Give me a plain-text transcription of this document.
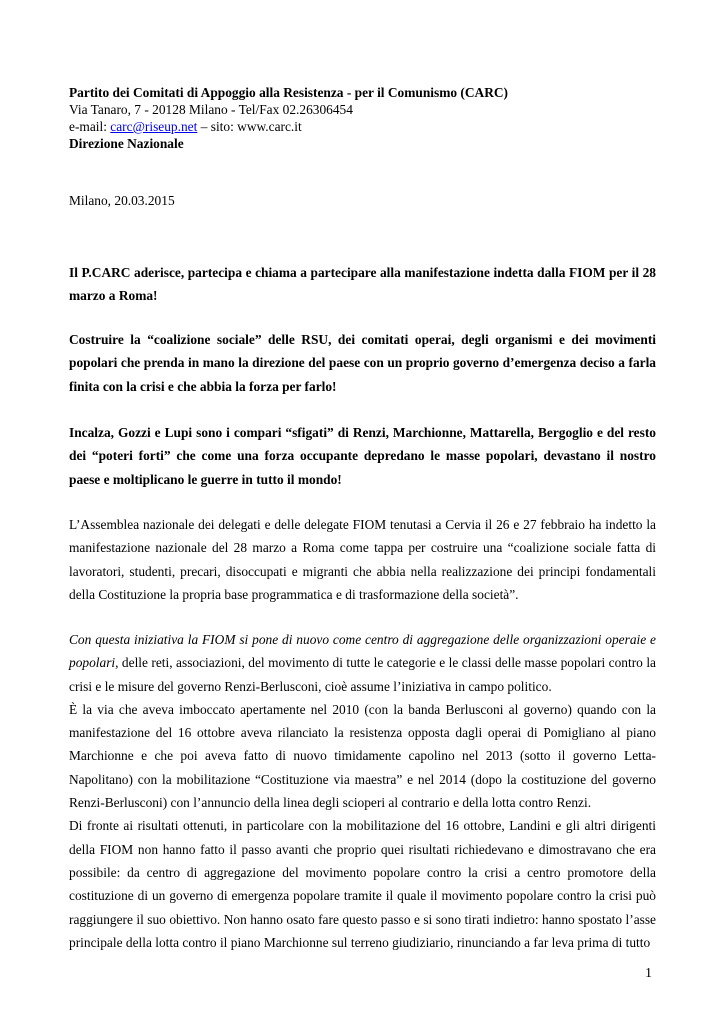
Partito dei Comitati di Appoggio alla Resistenza - per il Comunismo (CARC)
Via Tanaro, 7 - 20128 Milano - Tel/Fax 02.26306454
e-mail: carc@riseup.net – sito: www.carc.it
Direzione Nazionale
Milano, 20.03.2015

Il P.CARC aderisce, partecipa e chiama a partecipare alla manifestazione indetta dalla FIOM per il 28 marzo a Roma!

Costruire la “coalizione sociale” delle RSU, dei comitati operai, degli organismi e dei movimenti popolari che prenda in mano la direzione del paese con un proprio governo d’emergenza deciso a farla finita con la crisi e che abbia la forza per farlo!

Incalza, Gozzi e Lupi sono i compari “sfigati” di Renzi, Marchionne, Mattarella, Bergoglio e del resto dei “poteri forti” che come una forza occupante depredano le masse popolari, devastano il nostro paese e moltiplicano le guerre in tutto il mondo!

L’Assemblea nazionale dei delegati e delle delegate FIOM tenutasi a Cervia il 26 e 27 febbraio ha indetto la manifestazione nazionale del 28 marzo a Roma come tappa per costruire una “coalizione sociale fatta di lavoratori, studenti, precari, disoccupati e migranti che abbia nella realizzazione dei principi fondamentali della Costituzione la propria base programmatica e di trasformazione della società”.

Con questa iniziativa la FIOM si pone di nuovo come centro di aggregazione delle organizzazioni operaie e popolari, delle reti, associazioni, del movimento di tutte le categorie e le classi delle masse popolari contro la crisi e le misure del governo Renzi-Berlusconi, cioè assume l’iniziativa in campo politico.

È la via che aveva imboccato apertamente nel 2010 (con la banda Berlusconi al governo) quando con la manifestazione del 16 ottobre aveva rilanciato la resistenza opposta dagli operai di Pomigliano al piano Marchionne e che poi aveva fatto di nuovo timidamente capolino nel 2013 (sotto il governo Letta-Napolitano) con la mobilitazione “Costituzione via maestra” e nel 2014 (dopo la costituzione del governo Renzi-Berlusconi) con l’annuncio della linea degli scioperi al contrario e della lotta contro Renzi.

Di fronte ai risultati ottenuti, in particolare con la mobilitazione del 16 ottobre, Landini e gli altri dirigenti della FIOM non hanno fatto il passo avanti che proprio quei risultati richiedevano e dimostravano che era possibile: da centro di aggregazione del movimento popolare contro la crisi a centro promotore della costituzione di un governo di emergenza popolare tramite il quale il movimento popolare contro la crisi può raggiungere il suo obiettivo. Non hanno osato fare questo passo e si sono tirati indietro: hanno spostato l’asse principale della lotta contro il piano Marchionne sul terreno giudiziario, rinunciando a far leva prima di tutto

1
